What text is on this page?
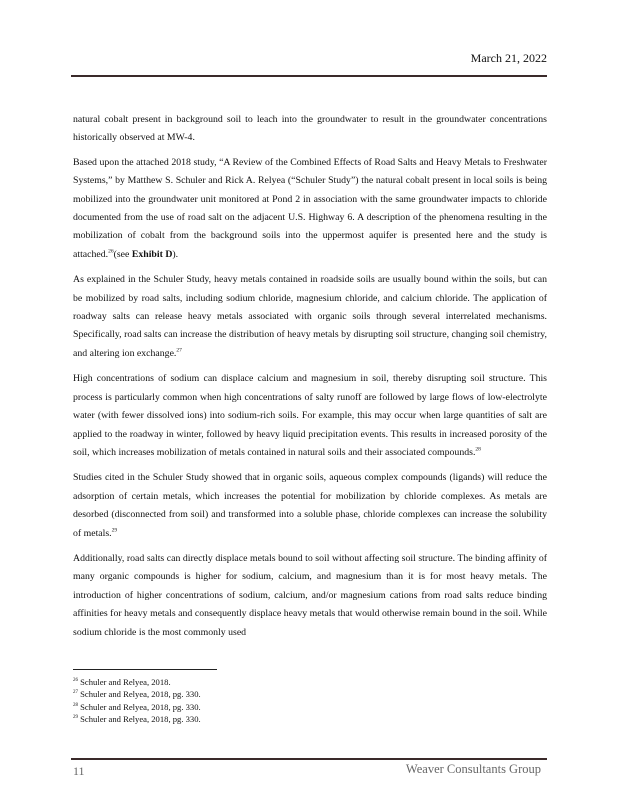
March 21, 2022

natural cobalt present in background soil to leach into the groundwater to result in the groundwater concentrations historically observed at MW-4.

Based upon the attached 2018 study, “A Review of the Combined Effects of Road Salts and Heavy Metals to Freshwater Systems,” by Matthew S. Schuler and Rick A. Relyea (“Schuler Study”) the natural cobalt present in local soils is being mobilized into the groundwater unit monitored at Pond 2 in association with the same groundwater impacts to chloride documented from the use of road salt on the adjacent U.S. Highway 6. A description of the phenomena resulting in the mobilization of cobalt from the background soils into the uppermost aquifer is presented here and the study is attached.$^{26}$(see Exhibit D).

As explained in the Schuler Study, heavy metals contained in roadside soils are usually bound within the soils, but can be mobilized by road salts, including sodium chloride, magnesium chloride, and calcium chloride. The application of roadway salts can release heavy metals associated with organic soils through several interrelated mechanisms. Specifically, road salts can increase the distribution of heavy metals by disrupting soil structure, changing soil chemistry, and altering ion exchange.$^{27}$

High concentrations of sodium can displace calcium and magnesium in soil, thereby disrupting soil structure. This process is particularly common when high concentrations of salty runoff are followed by large flows of low-electrolyte water (with fewer dissolved ions) into sodium-rich soils. For example, this may occur when large quantities of salt are applied to the roadway in winter, followed by heavy liquid precipitation events. This results in increased porosity of the soil, which increases mobilization of metals contained in natural soils and their associated compounds.$^{28}$

Studies cited in the Schuler Study showed that in organic soils, aqueous complex compounds (ligands) will reduce the adsorption of certain metals, which increases the potential for mobilization by chloride complexes. As metals are desorbed (disconnected from soil) and transformed into a soluble phase, chloride complexes can increase the solubility of metals.$^{29}$

Additionally, road salts can directly displace metals bound to soil without affecting soil structure. The binding affinity of many organic compounds is higher for sodium, calcium, and magnesium than it is for most heavy metals. The introduction of higher concentrations of sodium, calcium, and/or magnesium cations from road salts reduce binding affinities for heavy metals and consequently displace heavy metals that would otherwise remain bound in the soil. While sodium chloride is the most commonly used

$^{26}$ Schuler and Relyea, 2018.
$^{27}$ Schuler and Relyea, 2018, pg. 330.
$^{28}$ Schuler and Relyea, 2018, pg. 330.
$^{29}$ Schuler and Relyea, 2018, pg. 330.
11	Weaver Consultants Group
